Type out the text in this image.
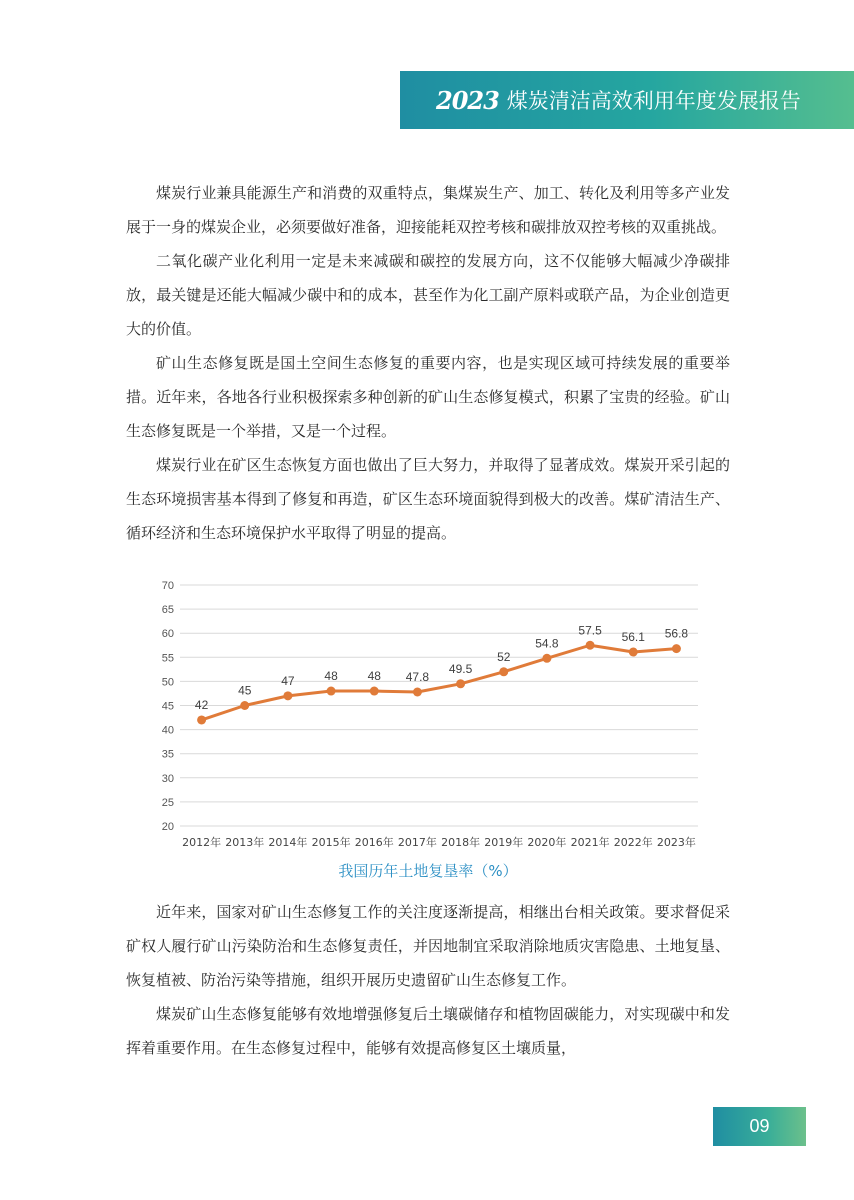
2023 煤炭清洁高效利用年度发展报告

煤炭行业兼具能源生产和消费的双重特点，集煤炭生产、加工、转化及利用等多产业发展于一身的煤炭企业，必须要做好准备，迎接能耗双控考核和碳排放双控考核的双重挑战。

二氧化碳产业化利用一定是未来减碳和碳控的发展方向，这不仅能够大幅减少净碳排放，最关键是还能大幅减少碳中和的成本，甚至作为化工副产原料或联产品，为企业创造更大的价值。

矿山生态修复既是国土空间生态修复的重要内容，也是实现区域可持续发展的重要举措。近年来，各地各行业积极探索多种创新的矿山生态修复模式，积累了宝贵的经验。矿山生态修复既是一个举措，又是一个过程。

煤炭行业在矿区生态恢复方面也做出了巨大努力，并取得了显著成效。煤炭开采引起的生态环境损害基本得到了修复和再造，矿区生态环境面貌得到极大的改善。煤矿清洁生产、循环经济和生态环境保护水平取得了明显的提高。

20
25
30
35
40
45
50
55
60
65
70
2012年 2013年 2014年 2015年 2016年 2017年 2018年 2019年 2020年 2021年 2022年 2023年
42
45
47 48 48 47.8
49.5
52
54.8
57.5 56.1 56.8
我国历年土地复垦率（%）

近年来，国家对矿山生态修复工作的关注度逐渐提高，相继出台相关政策。要求督促采矿权人履行矿山污染防治和生态修复责任，并因地制宜采取消除地质灾害隐患、土地复垦、恢复植被、防治污染等措施，组织开展历史遗留矿山生态修复工作。

煤炭矿山生态修复能够有效地增强修复后土壤碳储存和植物固碳能力，对实现碳中和发挥着重要作用。在生态修复过程中，能够有效提高修复区土壤质量，

09
